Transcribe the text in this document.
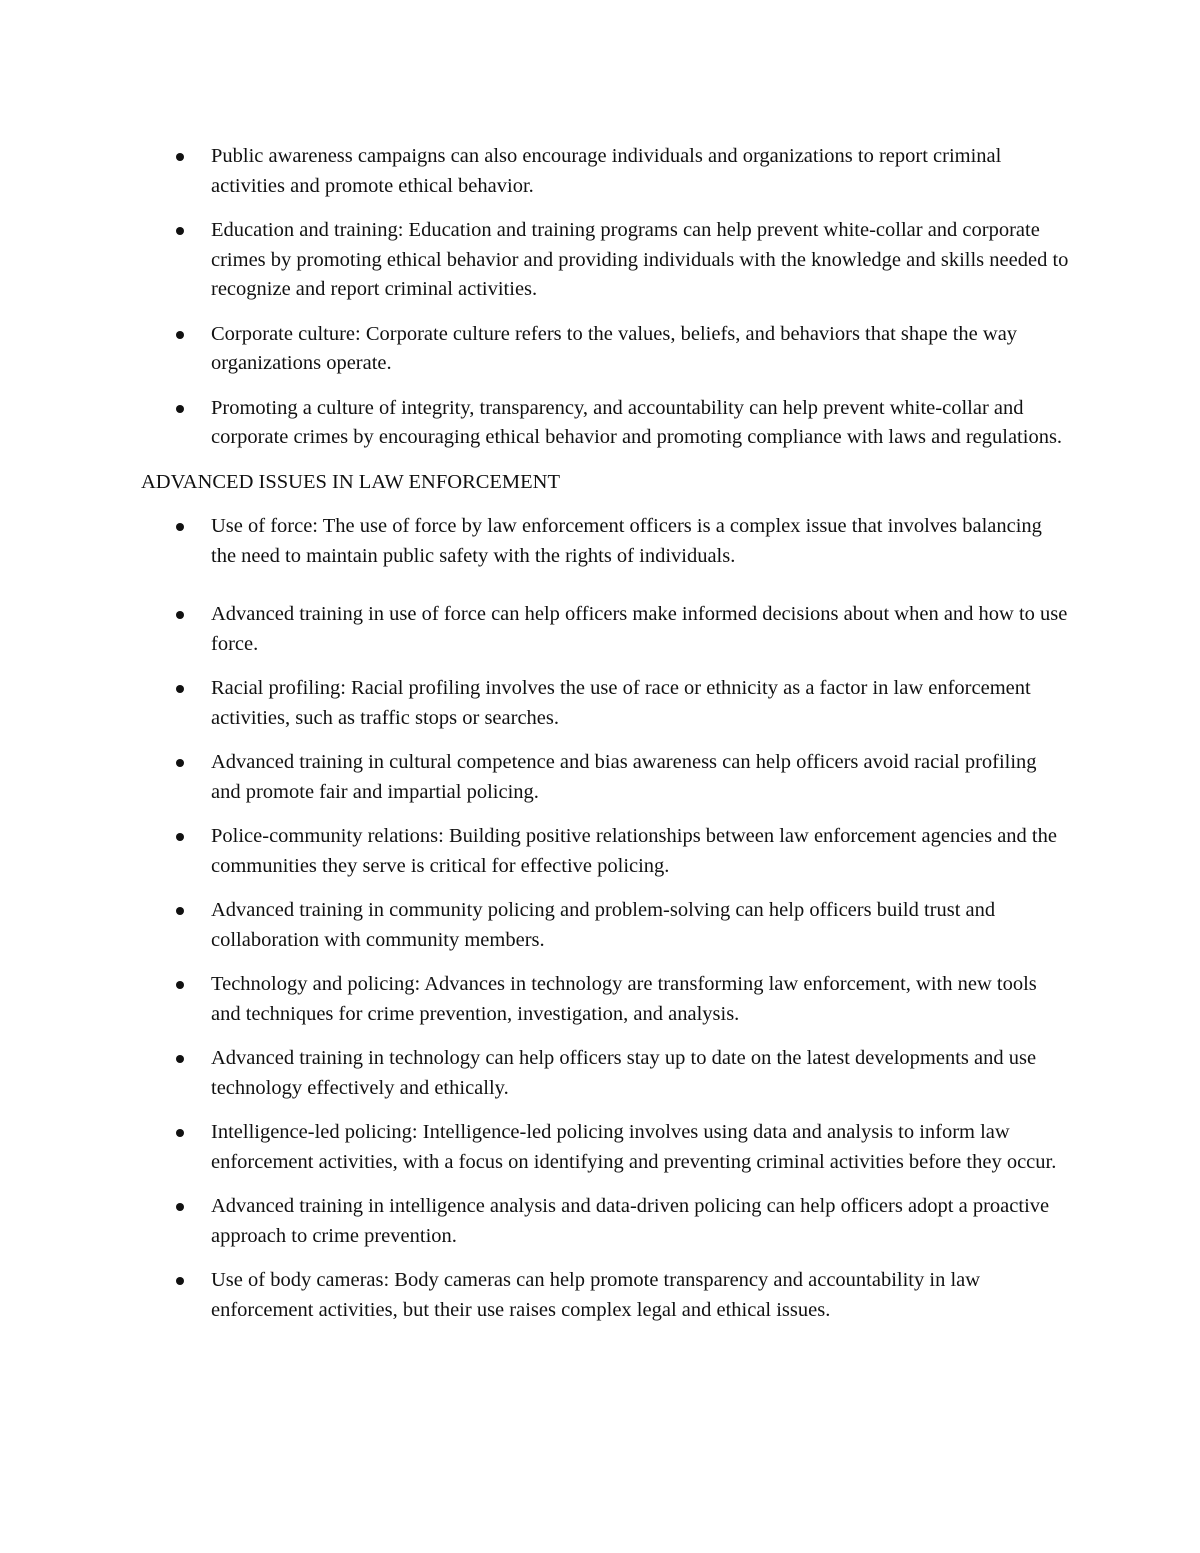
Public awareness campaigns can also encourage individuals and organizations to report criminal activities and promote ethical behavior.
Education and training: Education and training programs can help prevent white-collar and corporate crimes by promoting ethical behavior and providing individuals with the knowledge and skills needed to recognize and report criminal activities.
Corporate culture: Corporate culture refers to the values, beliefs, and behaviors that shape the way organizations operate.
Promoting a culture of integrity, transparency, and accountability can help prevent white-collar and corporate crimes by encouraging ethical behavior and promoting compliance with laws and regulations.
ADVANCED ISSUES IN LAW ENFORCEMENT
Use of force: The use of force by law enforcement officers is a complex issue that involves balancing the need to maintain public safety with the rights of individuals.
Advanced training in use of force can help officers make informed decisions about when and how to use force.
Racial profiling: Racial profiling involves the use of race or ethnicity as a factor in law enforcement activities, such as traffic stops or searches.
Advanced training in cultural competence and bias awareness can help officers avoid racial profiling and promote fair and impartial policing.
Police-community relations: Building positive relationships between law enforcement agencies and the communities they serve is critical for effective policing.
Advanced training in community policing and problem-solving can help officers build trust and collaboration with community members.
Technology and policing: Advances in technology are transforming law enforcement, with new tools and techniques for crime prevention, investigation, and analysis.
Advanced training in technology can help officers stay up to date on the latest developments and use technology effectively and ethically.
Intelligence-led policing: Intelligence-led policing involves using data and analysis to inform law enforcement activities, with a focus on identifying and preventing criminal activities before they occur.
Advanced training in intelligence analysis and data-driven policing can help officers adopt a proactive approach to crime prevention.
Use of body cameras: Body cameras can help promote transparency and accountability in law enforcement activities, but their use raises complex legal and ethical issues.
